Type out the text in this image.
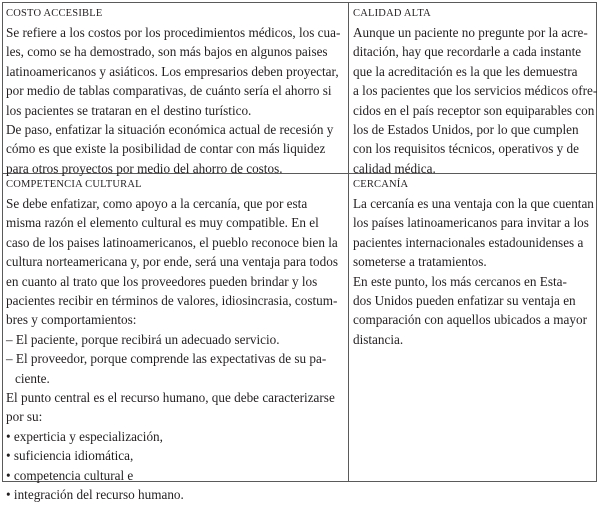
COSTO ACCESIBLE
Se refiere a los costos por los procedimientos médicos, los cua-
les, como se ha demostrado, son más bajos en algunos paises
latinoamericanos y asiáticos. Los empresarios deben proyectar,
por medio de tablas comparativas, de cuánto sería el ahorro si
los pacientes se trataran en el destino turístico.
De paso, enfatizar la situación económica actual de recesión y
cómo es que existe la posibilidad de contar con más liquidez
para otros proyectos por medio del ahorro de costos.
CALIDAD ALTA
Aunque un paciente no pregunte por la acre-
ditación, hay que recordarle a cada instante
que la acreditación es la que les demuestra
a los pacientes que los servicios médicos ofre-
cidos en el país receptor son equiparables con
los de Estados Unidos, por lo que cumplen
con los requisitos técnicos, operativos y de
calidad médica.
COMPETENCIA CULTURAL
Se debe enfatizar, como apoyo a la cercanía, que por esta
misma razón el elemento cultural es muy compatible. En el
caso de los paises latinoamericanos, el pueblo reconoce bien la
cultura norteamericana y, por ende, será una ventaja para todos
en cuanto al trato que los proveedores pueden brindar y los
pacientes recibir en términos de valores, idiosincrasia, costum-
bres y comportamientos:
– El paciente, porque recibirá un adecuado servicio.
– El proveedor, porque comprende las expectativas de su pa-
ciente.
El punto central es el recurso humano, que debe caracterizarse
por su:
• experticia y especialización,
• suficiencia idiomática,
• competencia cultural e
• integración del recurso humano.
CERCANÍA
La cercanía es una ventaja con la que cuentan
los países latinoamericanos para invitar a los
pacientes internacionales estadounidenses a
someterse a tratamientos.
En este punto, los más cercanos en Esta-
dos Unidos pueden enfatizar su ventaja en
comparación con aquellos ubicados a mayor
distancia.
